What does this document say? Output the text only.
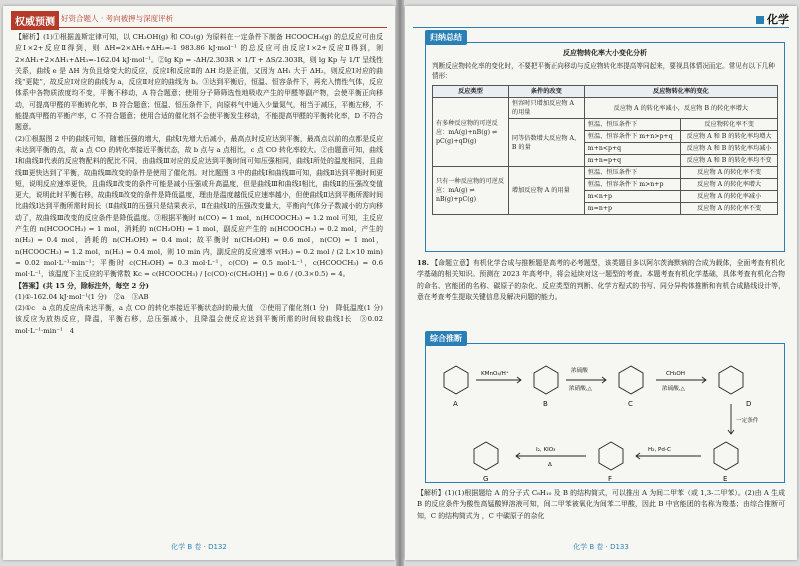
权威预测 好资合题人 · 考向被押与深度评析

【解析】(1)①根据盖斯定律可知，以 CH₃OH(g) 和 CO₂(g) 为原料在一定条件下制备 HCOOCH₃(g) 的总反应可由反应Ⅰ×2+反应Ⅱ得到，则 ΔH=2×ΔH₁+ΔH₂=-1 983.86 kJ·mol⁻¹ 的总反应可由反应Ⅰ×2+反应Ⅱ得到，则 2×ΔH₁+2×ΔH₁+ΔH₃=-162.04 kJ·mol⁻¹。②lg Kp = -ΔH/2.303R × 1/T + ΔS/2.303R，则 lg Kp 与 1/T 呈线性关系，曲线 e 是 ΔH 为负且焓变大的反应，反应Ⅰ和反应Ⅱ的 ΔH 均是正值，又因为 ΔH₁ 大于 ΔH₂，则反应Ⅰ对应的曲线“更陡”，故反应Ⅰ对应的曲线为 a，反应Ⅱ对应的曲线为 b。③达到平衡后，恒温、恒容条件下，再充入惰性气体，反应体系中各物质浓度均不变，平衡不移动，A 符合题意；使用分子筛筛选性地吸收产生的甲醛等副产物，会使平衡正向移动，可提高甲醛的平衡转化率，B 符合题意；恒温、恒压条件下，向原料气中通入少量氮气，相当于减压，平衡左移，不能提高甲醛的平衡产率，C 不符合题意；使用合适的催化剂不会使平衡发生移动，不能提高甲醛的平衡转化率，D 不符合题意。

(2)①根据图 2 中的曲线可知，随着压强的增大，曲线Ⅰ先增大后减小，最高点时反应达到平衡，最高点以前的点都是反应未达到平衡的点，故 a 点 CO 的转化率接近平衡状态，故 b 点与 a 点相比，c 点 CO 转化率较大。②由题意可知，曲线Ⅰ和曲线Ⅱ代表的反应物配料的配比不同，由曲线Ⅲ对应的反应达到平衡时间可知压强相同，曲线Ⅰ所处的温度相同，且曲线Ⅲ更快达到了平衡，故曲线Ⅲ改变的条件是使用了催化剂。对比题图 3 中的曲线Ⅰ和曲线Ⅲ可知，曲线Ⅱ达到平衡时间更短，说明反应速率更快，且曲线Ⅱ改变的条件可能是减小压强或升高温度，但是曲线Ⅲ和曲线Ⅰ相比，曲线Ⅱ的压强改变值更大，说明此时平衡右移，故曲线Ⅱ改变的条件是降低温度，理由是温度越低反应速率越小，但使曲线Ⅱ达到平衡所需时间比曲线Ⅰ达到平衡所需时间长（Ⅱ曲线Ⅱ的压强只是结果表示，Ⅱ在曲线Ⅰ的压强改变量大，平衡向气体分子数减小的方向移动了，故曲线Ⅲ改变的反应条件是降低温度。③根据平衡时 n(CO) = 1 mol，n(HCOOCH₃) = 1.2 mol 可知，主反应产生的 n(HCOOCH₃) = 1 mol，消耗的 n(CH₃OH) = 1 mol，副反应产生的 n(HCOOCH₃) = 0.2 mol，产生的 n(H₂) = 0.4 mol，消耗的 n(CH₃OH) = 0.4 mol；故平衡时 n(CH₃OH) = 0.6 mol，n(CO) = 1 mol，n(HCOOCH₃) = 1.2 mol，n(H₂) = 0.4 mol，则 10 min 内，副反应的反应速率 v(H₂) = 0.2 mol / (2 L×10 min) = 0.02 mol·L⁻¹·min⁻¹；平衡时 c(CH₃OH) = 0.3 mol·L⁻¹，c(CO) = 0.5 mol·L⁻¹，c(HCOOCH₃) = 0.6 mol·L⁻¹，该温度下主反应的平衡常数 Kc = c(HCOOCH₃) / [c(CO)·c(CH₃OH)] = 0.6 / (0.3×0.5) = 4。

【答案】(共 15 分，除标注外，每空 2 分)

(1)①-162.04 kJ·mol⁻¹(1 分)　②a　③AB

(2)①c　a 点的反应尚未达平衡，a 点 CO 的转化率接近平衡状态时的最大值　②使用了催化剂(1 分)　降低温度(1 分)　该反应为放热反应，降温，平衡右移，总压强减小，且降温会使反应达到平衡所需的时间较曲线Ⅰ长　③0.02 mol·L⁻¹·min⁻¹　4

化学 B 卷 · D132
化学
归纳总结
反应物转化率大小变化分析
判断反应物转化率的变化时，不要把平衡正向移动与反应物转化率提高等同起来，要视具体情况而定。常见有以下几种情形：
反应类型	条件的改变	反应物转化率的变化	
有多种反应物的可逆反应：mA(g)+nB(g) ⇌ pC(g)+qD(g)	恒容时只增加反应物 A 的用量	反应物 A 的转化率减小，反应物 B 的转化率增大	
	同等倍数增大反应物 A、B 的量	恒温、恒压条件下	反应物转化率不变
		恒温、恒容条件下 m+n>p+q	反应物 A 和 B 的转化率均增大
		m+n<p+q	反应物 A 和 B 的转化率均减小
		m+n=p+q	反应物 A 和 B 的转化率均不变
只有一种反应物的可逆反应：mA(g) ⇌ nB(g)+pC(g)	增加反应物 A 的用量	恒温、恒压条件下	反应物 A 的转化率不变
		恒温、恒容条件下 m>n+p	反应物 A 的转化率增大
		m<n+p	反应物 A 的转化率减小
		m=n+p	反应物 A 的转化率不变
18. 【命题立意】有机化学合成与推断题是高考的必考题型，该类题目多以阿尔茨海默病的合成为载体，全面考查有机化学基础的相关知识。预测在 2023 年高考中，将会延续对这一题型的考查。本题考查有机化学基础，具体考查有机化合物的命名、官能团的名称、碳原子的杂化、反应类型的判断、化学方程式的书写、同分异构体推断和有机合成路线设计等，意在考查考生提取关键信息及解决问题的能力。
综合推断
A	B	C	D
E
F
G
KMnO₄/H⁺	浓硫酸
浓硝酸,△
CH₃OH
浓硫酸,△
一定条件
H₂, Pd-C
I₂, KIO₃
Δ
【解析】(1)(1)根据题给 A 的分子式 C₈H₁₀ 及 B 的结构简式，可以推出 A 为间二甲苯（或 1,3-二甲苯）。(2)由 A 生成 B 的反应条件为酸性高锰酸钾溶液可知，间二甲苯被氧化为间苯二甲酸，因此 B 中官能团的名称为羧基；由综合推断可知，C 的结构简式为 ，C 中碳原子的杂化
化学 B 卷 · D133
